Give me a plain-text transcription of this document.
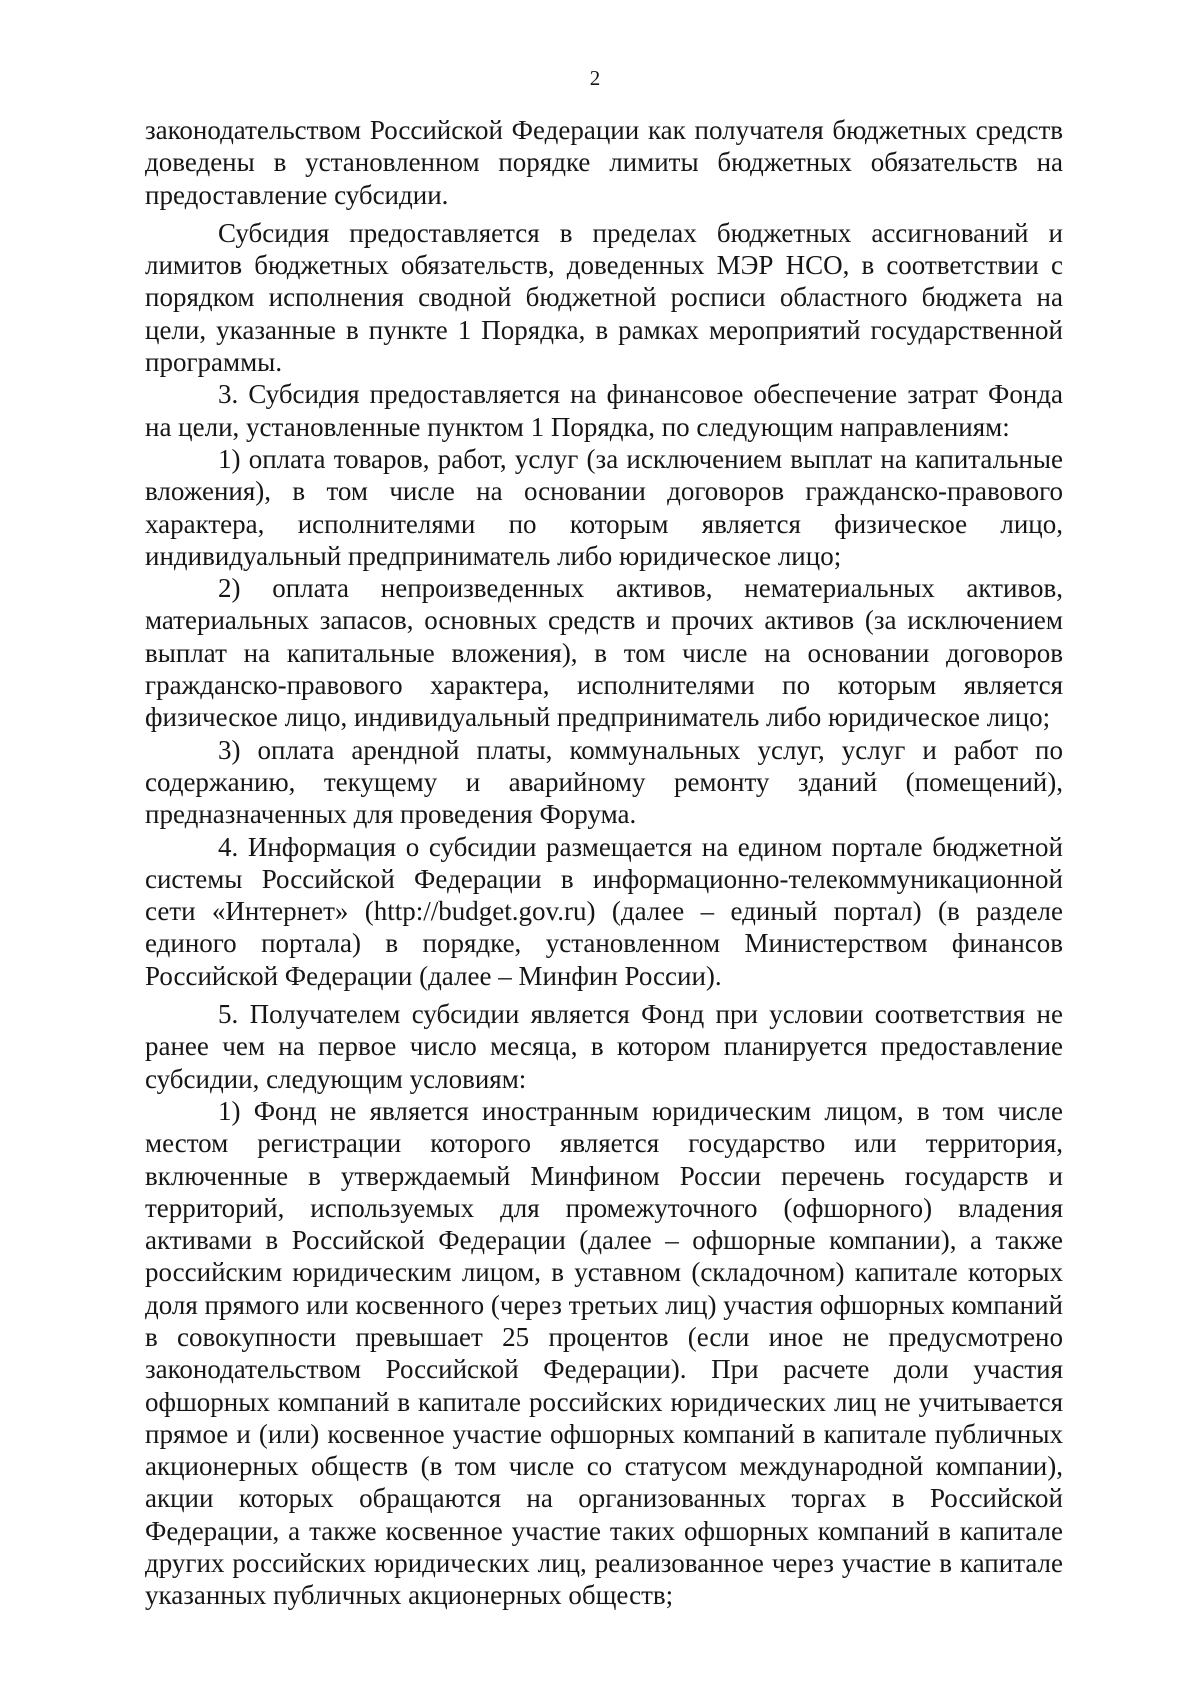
2

законодательством Российской Федерации как получателя бюджетных средств доведены в установленном порядке лимиты бюджетных обязательств на предоставление субсидии.

Субсидия предоставляется в пределах бюджетных ассигнований и лимитов бюджетных обязательств, доведенных МЭР НСО, в соответствии с порядком исполнения сводной бюджетной росписи областного бюджета на цели, указанные в пункте 1 Порядка, в рамках мероприятий государственной программы.

3. Субсидия предоставляется на финансовое обеспечение затрат Фонда на цели, установленные пунктом 1 Порядка, по следующим направлениям:

1) оплата товаров, работ, услуг (за исключением выплат на капитальные вложения), в том числе на основании договоров гражданско-правового характера, исполнителями по которым является физическое лицо, индивидуальный предприниматель либо юридическое лицо;

2) оплата непроизведенных активов, нематериальных активов, материальных запасов, основных средств и прочих активов (за исключением выплат на капитальные вложения), в том числе на основании договоров гражданско-правового характера, исполнителями по которым является физическое лицо, индивидуальный предприниматель либо юридическое лицо;

3) оплата арендной платы, коммунальных услуг, услуг и работ по содержанию, текущему и аварийному ремонту зданий (помещений), предназначенных для проведения Форума.

4. Информация о субсидии размещается на едином портале бюджетной системы Российской Федерации в информационно-телекоммуникационной сети «Интернет» (http://budget.gov.ru) (далее – единый портал) (в разделе единого портала) в порядке, установленном Министерством финансов Российской Федерации (далее – Минфин России).

5. Получателем субсидии является Фонд при условии соответствия не ранее чем на первое число месяца, в котором планируется предоставление субсидии, следующим условиям:

1) Фонд не является иностранным юридическим лицом, в том числе местом регистрации которого является государство или территория, включенные в утверждаемый Минфином России перечень государств и территорий, используемых для промежуточного (офшорного) владения активами в Российской Федерации (далее – офшорные компании), а также российским юридическим лицом, в уставном (складочном) капитале которых доля прямого или косвенного (через третьих лиц) участия офшорных компаний в совокупности превышает 25 процентов (если иное не предусмотрено законодательством Российской Федерации). При расчете доли участия офшорных компаний в капитале российских юридических лиц не учитывается прямое и (или) косвенное участие офшорных компаний в капитале публичных акционерных обществ (в том числе со статусом международной компании), акции которых обращаются на организованных торгах в Российской Федерации, а также косвенное участие таких офшорных компаний в капитале других российских юридических лиц, реализованное через участие в капитале указанных публичных акционерных обществ;
